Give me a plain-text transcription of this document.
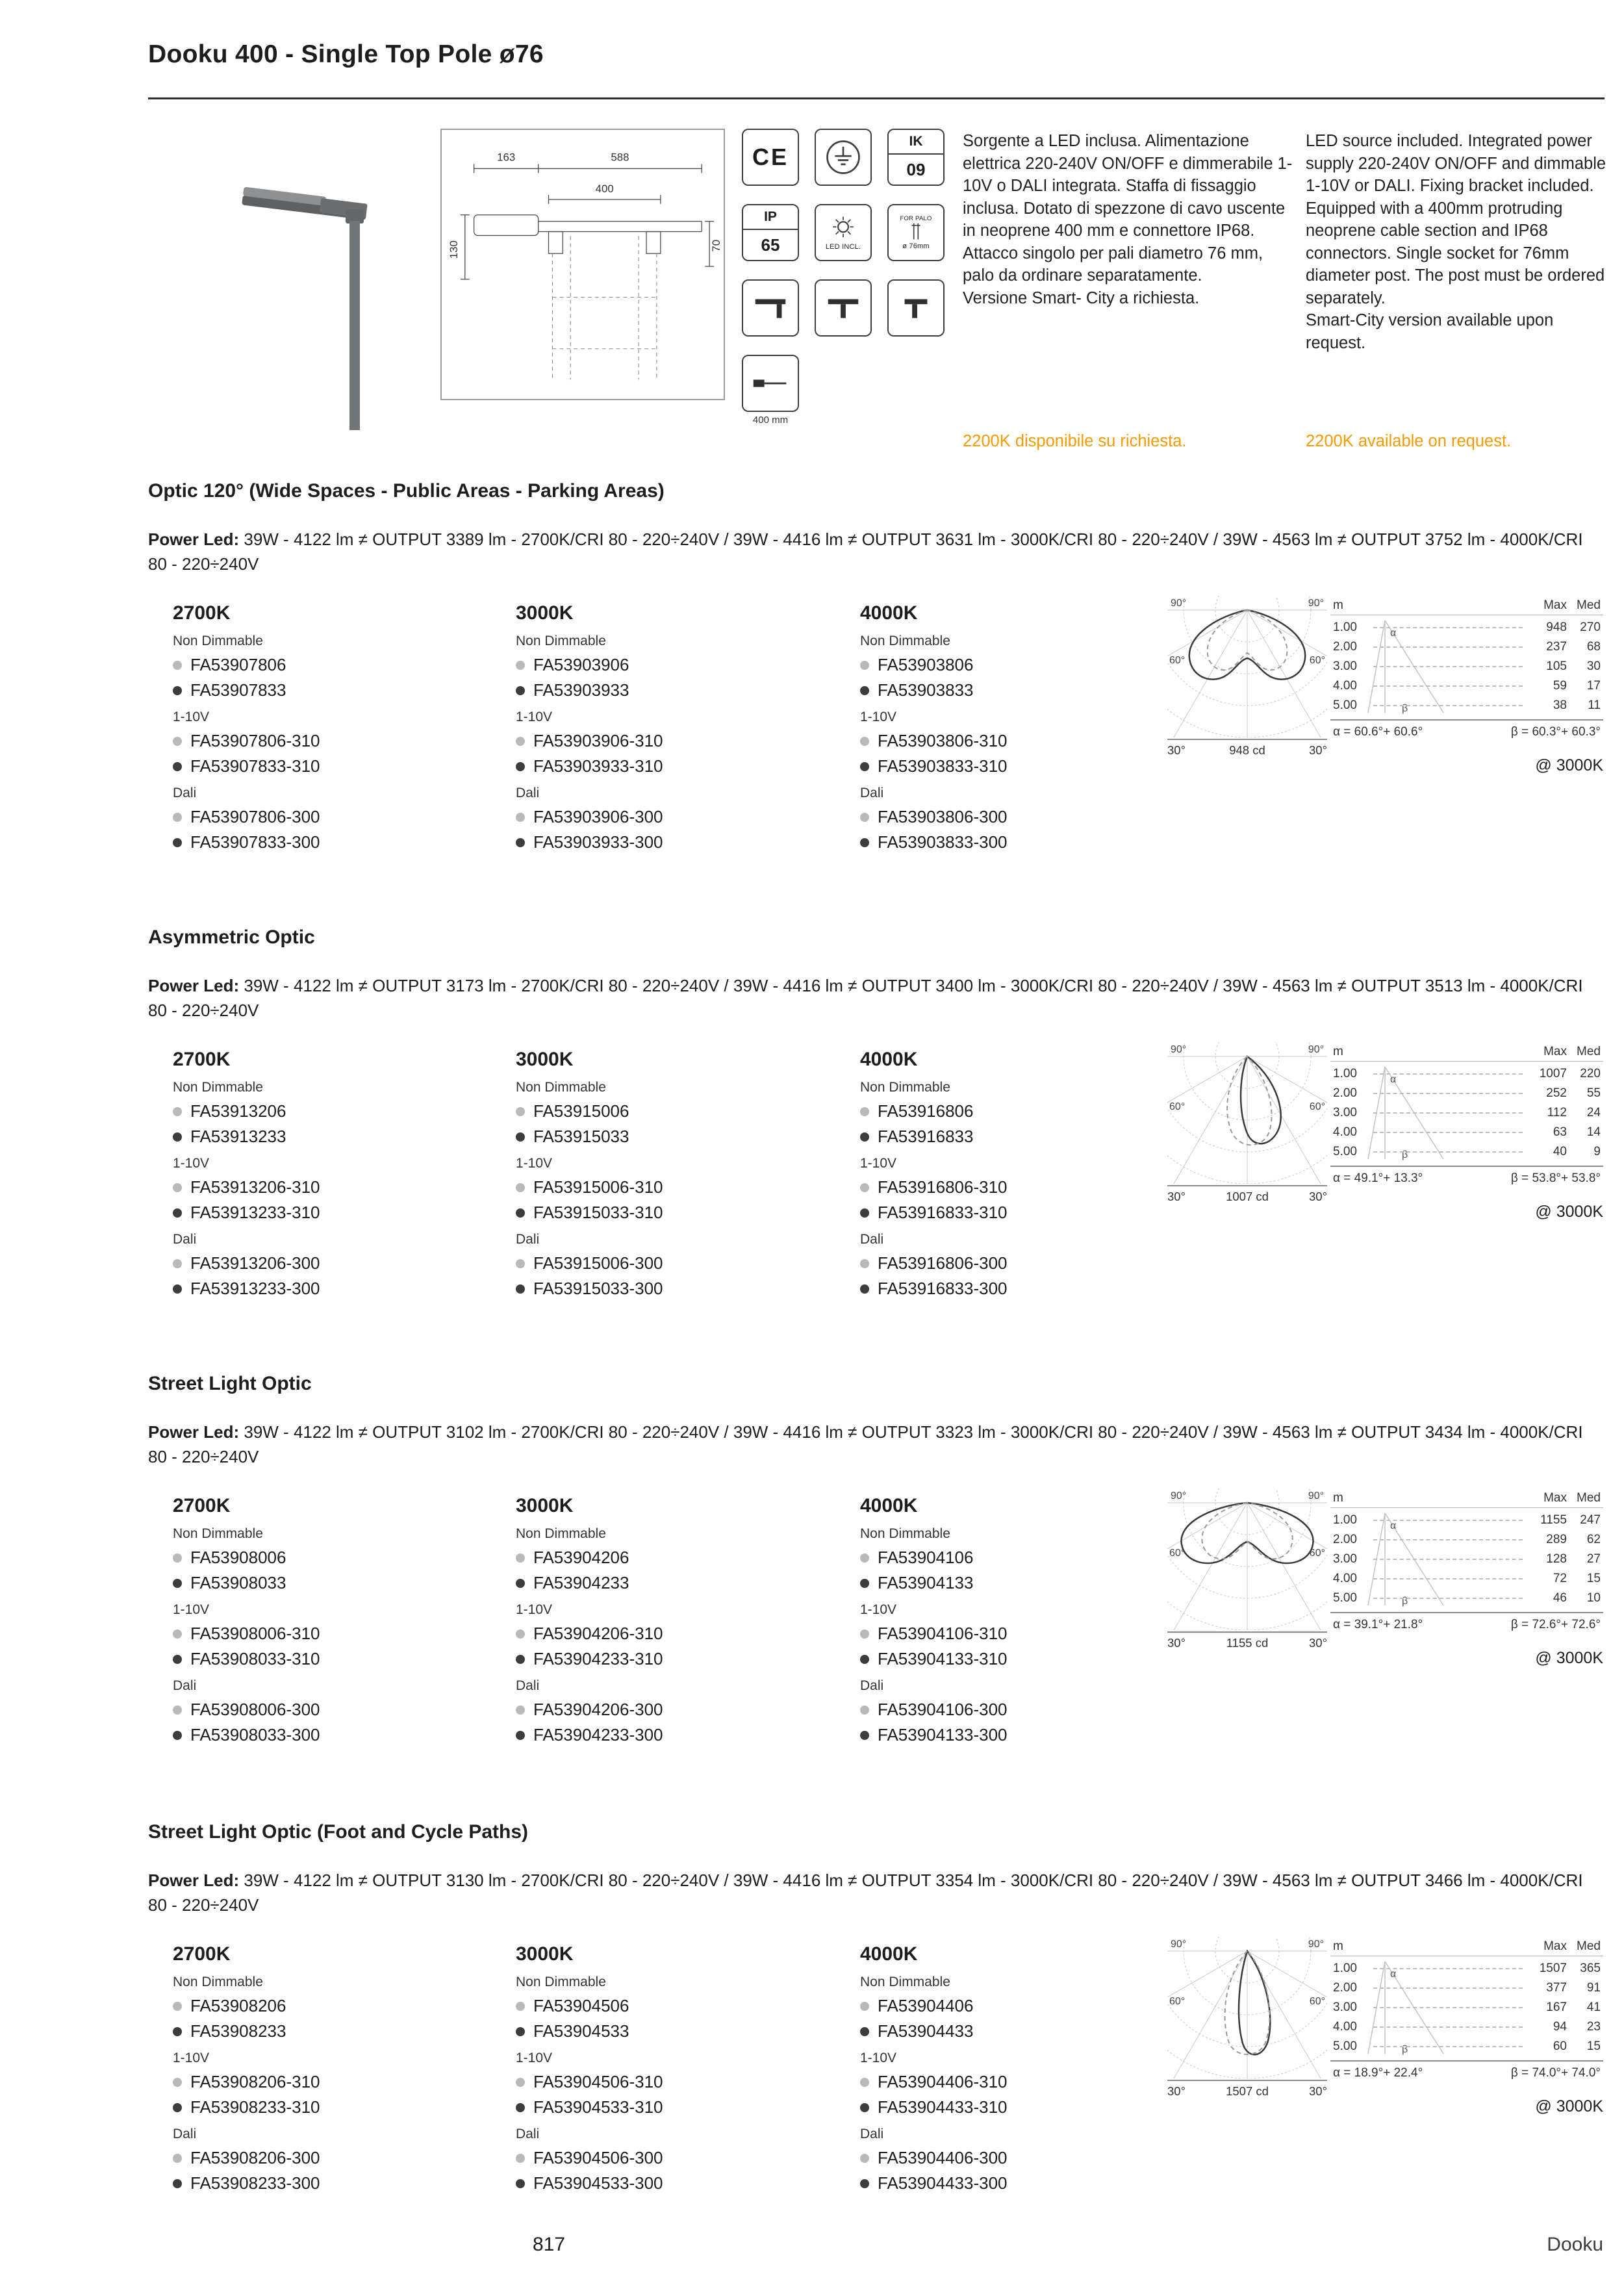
Dooku 400 - Single Top Pole ø76
163	588
400
130	70
CE
IK
09
IP
65	LED INCL.
FOR PALO
ø 76mm
400 mm

Sorgente a LED inclusa. Alimentazione elettrica 220-240V ON/OFF e dimmerabile 1-10V o DALI integrata. Staffa di fissaggio inclusa. Dotato di spezzone di cavo uscente in neoprene 400 mm e connettore IP68. Attacco singolo per pali diametro 76 mm, palo da ordinare separatamente.

Versione Smart- City a richiesta.

2200K disponibile su richiesta.

LED source included. Integrated power supply 220-240V ON/OFF and dimmable 1-10V or DALI. Fixing bracket included. Equipped with a 400mm protruding neoprene cable section and IP68 connectors. Single socket for 76mm diameter post. The post must be ordered separately.

Smart-City version available upon request.

2200K available on request.

Optic 120° (Wide Spaces - Public Areas - Parking Areas)

Power Led: 39W - 4122 lm ≠ OUTPUT 3389 lm - 2700K/CRI 80 - 220÷240V / 39W - 4416 lm ≠ OUTPUT 3631 lm - 3000K/CRI 80 - 220÷240V / 39W - 4563 lm ≠ OUTPUT 3752 lm - 4000K/CRI 80 - 220÷240V

2700K
Non Dimmable
FA53907806
FA53907833
1-10V
FA53907806-310
FA53907833-310
Dali
FA53907806-300
FA53907833-300
3000K
Non Dimmable
FA53903906
FA53903933
1-10V
FA53903906-310
FA53903933-310
Dali
FA53903906-300
FA53903933-300
4000K
Non Dimmable
FA53903806
FA53903833
1-10V
FA53903806-310
FA53903833-310
Dali
FA53903806-300
FA53903833-300
90°	90°
60°	60°
30°	948 cd	30°
m	Max Med
α
β
1.00	948	270
2.00	237	68
3.00	105	30
4.00	59	17
5.00	38	11
α = 60.6°+ 60.6°	β = 60.3°+ 60.3°
@ 3000K
Asymmetric Optic

Power Led: 39W - 4122 lm ≠ OUTPUT 3173 lm - 2700K/CRI 80 - 220÷240V / 39W - 4416 lm ≠ OUTPUT 3400 lm - 3000K/CRI 80 - 220÷240V / 39W - 4563 lm ≠ OUTPUT 3513 lm - 4000K/CRI 80 - 220÷240V

2700K
Non Dimmable
FA53913206
FA53913233
1-10V
FA53913206-310
FA53913233-310
Dali
FA53913206-300
FA53913233-300
3000K
Non Dimmable
FA53915006
FA53915033
1-10V
FA53915006-310
FA53915033-310
Dali
FA53915006-300
FA53915033-300
4000K
Non Dimmable
FA53916806
FA53916833
1-10V
FA53916806-310
FA53916833-310
Dali
FA53916806-300
FA53916833-300
90°	90°
60°	60°
30°	1007 cd	30°
m	Max Med
α
β
1.00	1007	220
2.00	252	55
3.00	112	24
4.00	63	14
5.00	40	9
α = 49.1°+ 13.3°	β = 53.8°+ 53.8°
@ 3000K
Street Light Optic

Power Led: 39W - 4122 lm ≠ OUTPUT 3102 lm - 2700K/CRI 80 - 220÷240V / 39W - 4416 lm ≠ OUTPUT 3323 lm - 3000K/CRI 80 - 220÷240V / 39W - 4563 lm ≠ OUTPUT 3434 lm - 4000K/CRI 80 - 220÷240V

2700K
Non Dimmable
FA53908006
FA53908033
1-10V
FA53908006-310
FA53908033-310
Dali
FA53908006-300
FA53908033-300
3000K
Non Dimmable
FA53904206
FA53904233
1-10V
FA53904206-310
FA53904233-310
Dali
FA53904206-300
FA53904233-300
4000K
Non Dimmable
FA53904106
FA53904133
1-10V
FA53904106-310
FA53904133-310
Dali
FA53904106-300
FA53904133-300
90°	90°
60°	60°
30°	1155 cd	30°
m	Max Med
α
β
1.00	1155	247
2.00	289	62
3.00	128	27
4.00	72	15
5.00	46	10
α = 39.1°+ 21.8°	β = 72.6°+ 72.6°
@ 3000K
Street Light Optic (Foot and Cycle Paths)

Power Led: 39W - 4122 lm ≠ OUTPUT 3130 lm - 2700K/CRI 80 - 220÷240V / 39W - 4416 lm ≠ OUTPUT 3354 lm - 3000K/CRI 80 - 220÷240V / 39W - 4563 lm ≠ OUTPUT 3466 lm - 4000K/CRI 80 - 220÷240V

2700K
Non Dimmable
FA53908206
FA53908233
1-10V
FA53908206-310
FA53908233-310
Dali
FA53908206-300
FA53908233-300
3000K
Non Dimmable
FA53904506
FA53904533
1-10V
FA53904506-310
FA53904533-310
Dali
FA53904506-300
FA53904533-300
4000K
Non Dimmable
FA53904406
FA53904433
1-10V
FA53904406-310
FA53904433-310
Dali
FA53904406-300
FA53904433-300
90°	90°
60°	60°
30°	1507 cd	30°
m	Max Med
α
β
1.00	1507	365
2.00	377	91
3.00	167	41
4.00	94	23
5.00	60	15
α = 18.9°+ 22.4°	β = 74.0°+ 74.0°
@ 3000K
817	Dooku
